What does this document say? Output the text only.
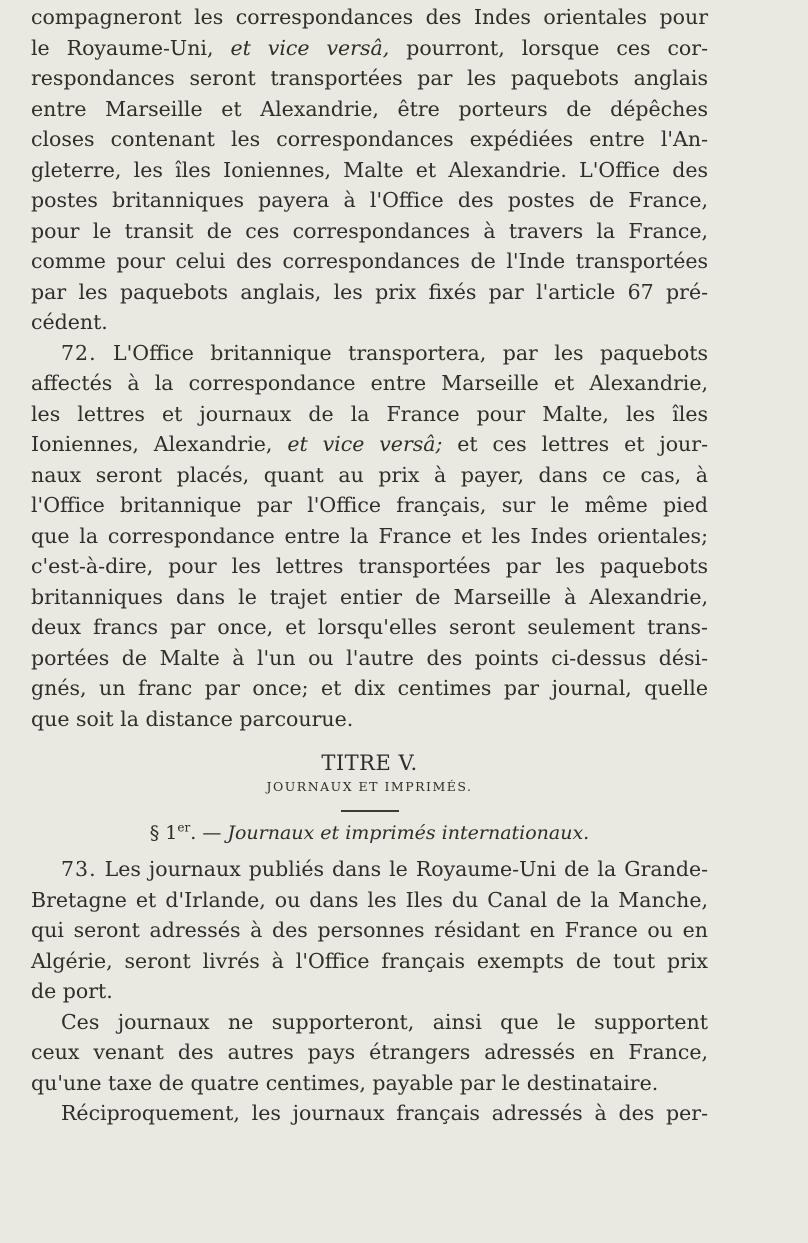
compagneront les correspondances des Indes orientales pour
le Royaume-Uni, et vice versâ, pourront, lorsque ces cor-
respondances seront transportées par les paquebots anglais
entre Marseille et Alexandrie, être porteurs de dépêches
closes contenant les correspondances expédiées entre l'An-
gleterre, les îles Ioniennes, Malte et Alexandrie. L'Office des
postes britanniques payera à l'Office des postes de France,
pour le transit de ces correspondances à travers la France,
comme pour celui des correspondances de l'Inde transportées
par les paquebots anglais, les prix fixés par l'article 67 pré-
cédent.
72. L'Office britannique transportera, par les paquebots
affectés à la correspondance entre Marseille et Alexandrie,
les lettres et journaux de la France pour Malte, les îles
Ioniennes, Alexandrie, et vice versâ; et ces lettres et jour-
naux seront placés, quant au prix à payer, dans ce cas, à
l'Office britannique par l'Office français, sur le même pied
que la correspondance entre la France et les Indes orientales;
c'est-à-dire, pour les lettres transportées par les paquebots
britanniques dans le trajet entier de Marseille à Alexandrie,
deux francs par once, et lorsqu'elles seront seulement trans-
portées de Malte à l'un ou l'autre des points ci-dessus dési-
gnés, un franc par once; et dix centimes par journal, quelle
que soit la distance parcourue.
TITRE V.
JOURNAUX ET IMPRIMÉS.
§ 1er. — Journaux et imprimés internationaux.
73. Les journaux publiés dans le Royaume-Uni de la Grande-
Bretagne et d'Irlande, ou dans les Iles du Canal de la Manche,
qui seront adressés à des personnes résidant en France ou en
Algérie, seront livrés à l'Office français exempts de tout prix
de port.
Ces journaux ne supporteront, ainsi que le supportent
ceux venant des autres pays étrangers adressés en France,
qu'une taxe de quatre centimes, payable par le destinataire.
Réciproquement, les journaux français adressés à des per-
